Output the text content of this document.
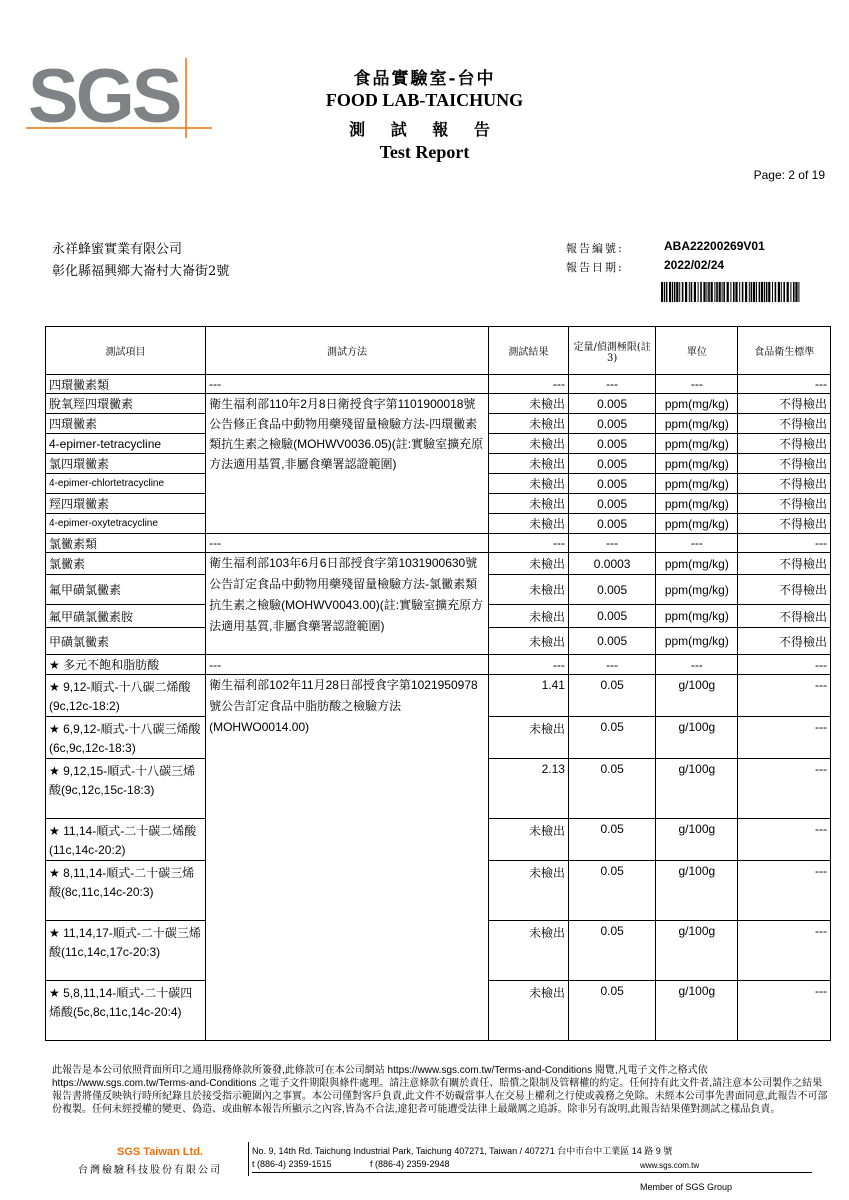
SGS	食品實驗室-台中
FOOD LAB-TAICHUNG
測 試 報 告
Test Report
Page: 2 of 19
永祥蜂蜜實業有限公司
彰化縣福興鄉大崙村大崙街2號
報告編號:	ABA22200269V01
報告日期:	2022/02/24
測試項目	測試方法	測試結果	定量/偵測極限(註3)	單位	食品衛生標準
四環黴素類	---	---	---	---	---
脫氧羥四環黴素	衛生福利部110年2月8日衛授食字第1101900018號公告修正食品中動物用藥殘留量檢驗方法-四環黴素類抗生素之檢驗(MOHWV0036.05)(註:實驗室擴充原方法適用基質,非屬食藥署認證範圍)	未檢出	0.005	ppm(mg/kg)	不得檢出
四環黴素		未檢出	0.005	ppm(mg/kg)	不得檢出
4-epimer-tetracycline		未檢出	0.005	ppm(mg/kg)	不得檢出
氯四環黴素		未檢出	0.005	ppm(mg/kg)	不得檢出
4-epimer-chlortetracycline		未檢出	0.005	ppm(mg/kg)	不得檢出
羥四環黴素		未檢出	0.005	ppm(mg/kg)	不得檢出
4-epimer-oxytetracycline		未檢出	0.005	ppm(mg/kg)	不得檢出
氯黴素類	---	---	---	---	---
氯黴素	衛生福利部103年6月6日部授食字第1031900630號公告訂定食品中動物用藥殘留量檢驗方法-氯黴素類抗生素之檢驗(MOHWV0043.00)(註:實驗室擴充原方法適用基質,非屬食藥署認證範圍)	未檢出	0.0003	ppm(mg/kg)	不得檢出
氟甲磺氯黴素		未檢出	0.005	ppm(mg/kg)	不得檢出
氟甲磺氯黴素胺		未檢出	0.005	ppm(mg/kg)	不得檢出
甲磺氯黴素		未檢出	0.005	ppm(mg/kg)	不得檢出
★ 多元不飽和脂肪酸	---	---	---	---	---
★ 9,12-順式-十八碳二烯酸(9c,12c-18:2)	衛生福利部102年11月28日部授食字第1021950978號公告訂定食品中脂肪酸之檢驗方法(MOHWO0014.00)	1.41	0.05	g/100g	---
★ 6,9,12-順式-十八碳三烯酸(6c,9c,12c-18:3)		未檢出	0.05	g/100g	---
★ 9,12,15-順式-十八碳三烯酸(9c,12c,15c-18:3)		2.13	0.05	g/100g	---
★ 11,14-順式-二十碳二烯酸(11c,14c-20:2)		未檢出	0.05	g/100g	---
★ 8,11,14-順式-二十碳三烯酸(8c,11c,14c-20:3)		未檢出	0.05	g/100g	---
★ 11,14,17-順式-二十碳三烯酸(11c,14c,17c-20:3)		未檢出	0.05	g/100g	---
★ 5,8,11,14-順式-二十碳四烯酸(5c,8c,11c,14c-20:4)		未檢出	0.05	g/100g	---
此報告是本公司依照背面所印之通用服務條款所簽發,此條款可在本公司網站 https://www.sgs.com.tw/Terms-and-Conditions 閱覽,凡電子文件之格式依https://www.sgs.com.tw/Terms-and-Conditions 之電子文件期限與條件處理。請注意條款有關於責任、賠償之限制及管轄權的約定。任何持有此文件者,請注意本公司製作之結果報告書將僅反映執行時所紀錄且於接受指示範圍內之事實。本公司僅對客戶負責,此文件不妨礙當事人在交易上權利之行使或義務之免除。未經本公司事先書面同意,此報告不可部份複製。任何未經授權的變更、偽造、或曲解本報告所顯示之內容,皆為不合法,違犯者可能遭受法律上最嚴厲之追訴。除非另有說明,此報告結果僅對測試之樣品負責。
SGS Taiwan Ltd.
台灣檢驗科技股份有限公司
No. 9, 14th Rd. Taichung Industrial Park, Taichung 407271, Taiwan / 407271 台中市台中工業區 14 路 9 號
t (886-4) 2359-1515	f (886-4) 2359-2948	www.sgs.com.tw
Member of SGS Group
